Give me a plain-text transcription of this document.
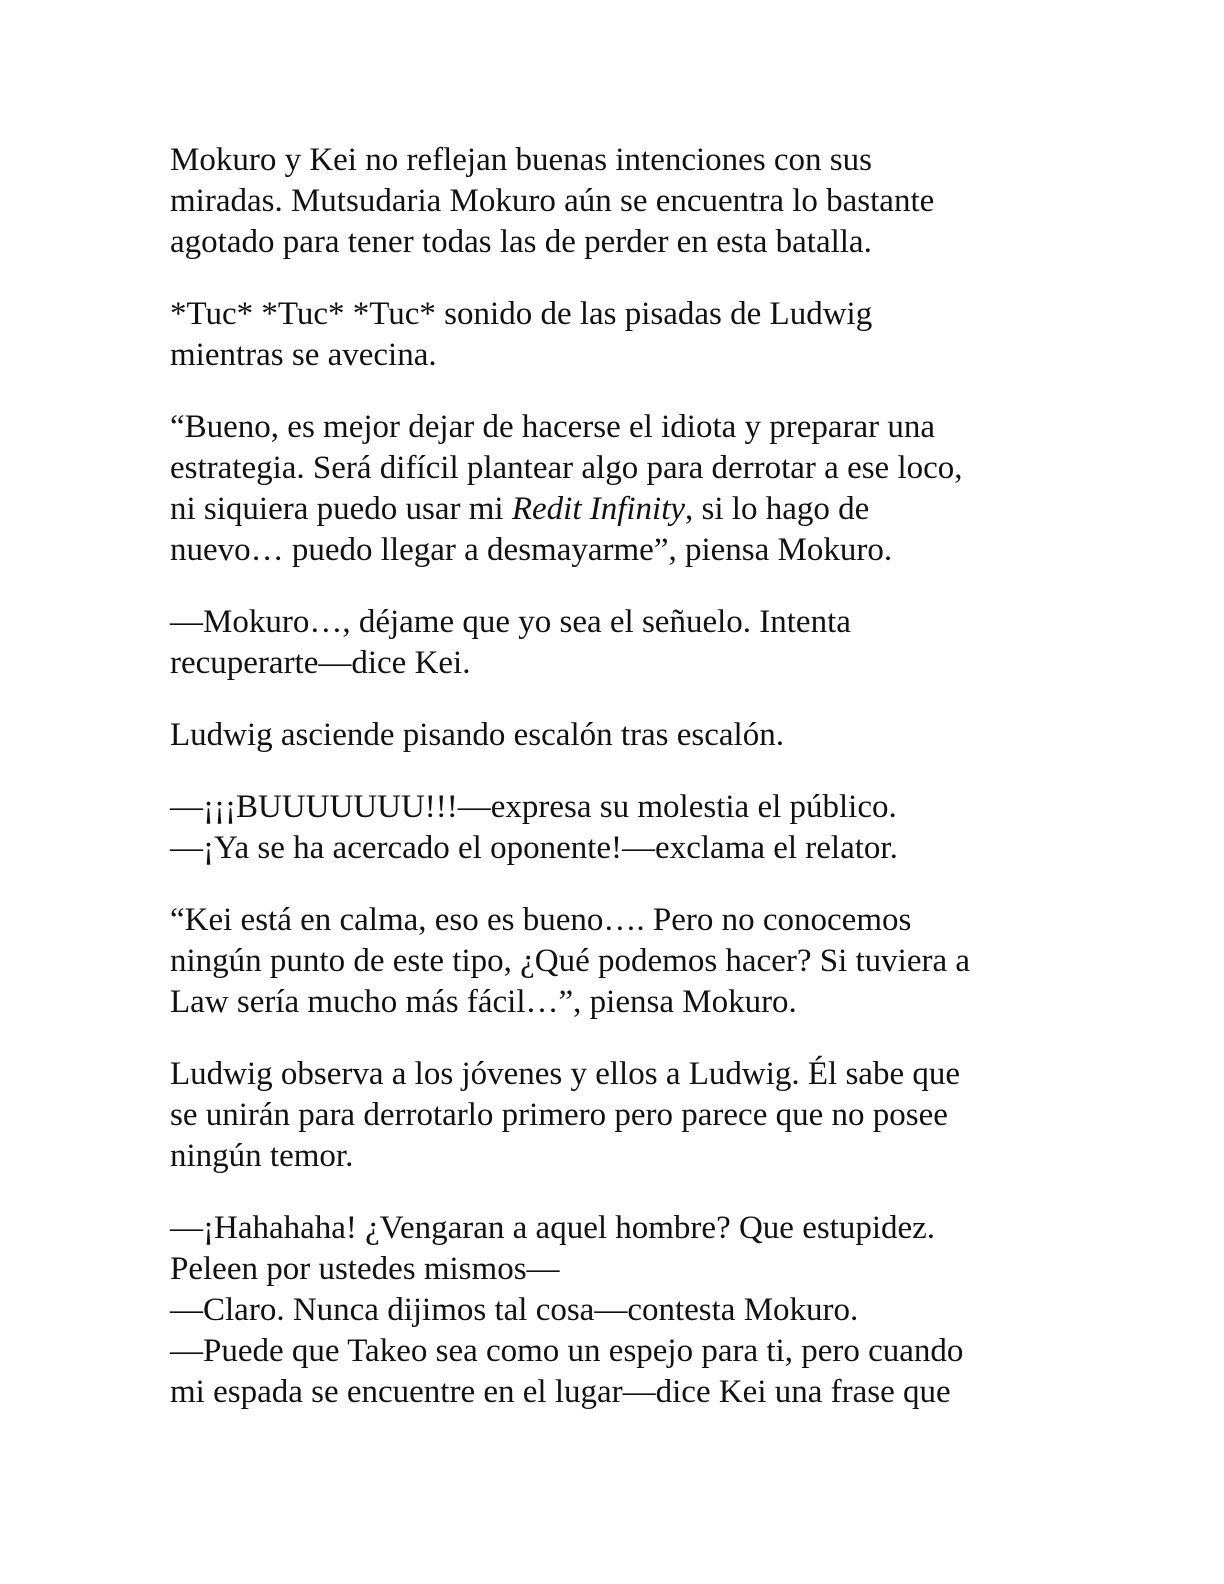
Mokuro y Kei no reflejan buenas intenciones con sus
miradas. Mutsudaria Mokuro aún se encuentra lo bastante
agotado para tener todas las de perder en esta batalla.

*Tuc* *Tuc* *Tuc* sonido de las pisadas de Ludwig
mientras se avecina.

“Bueno, es mejor dejar de hacerse el idiota y preparar una
estrategia. Será difícil plantear algo para derrotar a ese loco,
ni siquiera puedo usar mi Redit Infinity, si lo hago de
nuevo… puedo llegar a desmayarme”, piensa Mokuro.

—Mokuro…, déjame que yo sea el señuelo. Intenta
recuperarte—dice Kei.

Ludwig asciende pisando escalón tras escalón.

—¡¡¡BUUUUUUU!!!—expresa su molestia el público.
—¡Ya se ha acercado el oponente!—exclama el relator.

“Kei está en calma, eso es bueno…. Pero no conocemos
ningún punto de este tipo, ¿Qué podemos hacer? Si tuviera a
Law sería mucho más fácil…”, piensa Mokuro.

Ludwig observa a los jóvenes y ellos a Ludwig. Él sabe que
se unirán para derrotarlo primero pero parece que no posee
ningún temor.

—¡Hahahaha! ¿Vengaran a aquel hombre? Que estupidez.
Peleen por ustedes mismos—
—Claro. Nunca dijimos tal cosa—contesta Mokuro.
—Puede que Takeo sea como un espejo para ti, pero cuando
mi espada se encuentre en el lugar—dice Kei una frase que
